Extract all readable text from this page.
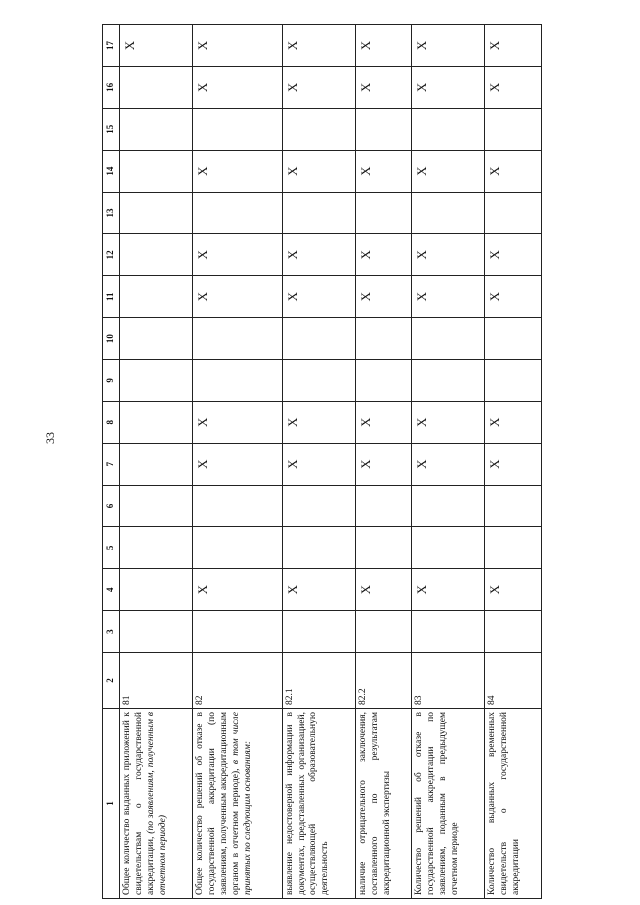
33
1	2	3	4	5	6	7	8	9	10	11	12	13	14	15	16	17
Общее количество выданных приложений к свидетельствам о государственной аккредитации, (по заявлениям, полученным в отчетном периоде)	81															X
Общее количество решений об отказе в государственной аккредитации (по заявлениям, полученным аккредитационным органом в отчетном периоде), в том числе принятых по следующим основаниям:	82		X			X	X			X	X		X		X	X
выявление недостоверной информации в документах, представленных организацией, осуществляющей образовательную деятельность	82.1		X			X	X			X	X		X		X	X
наличие отрицательного заключения, составленного по результатам аккредитационной экспертизы	82.2		X			X	X			X	X		X		X	X
Количество решений об отказе в государственной аккредитации по заявлениям, поданным в предыдущем отчетном периоде	83		X			X	X			X	X		X		X	X
Количество выданных временных свидетельств о государственной аккредитации	84		X			X	X			X	X		X		X	X
